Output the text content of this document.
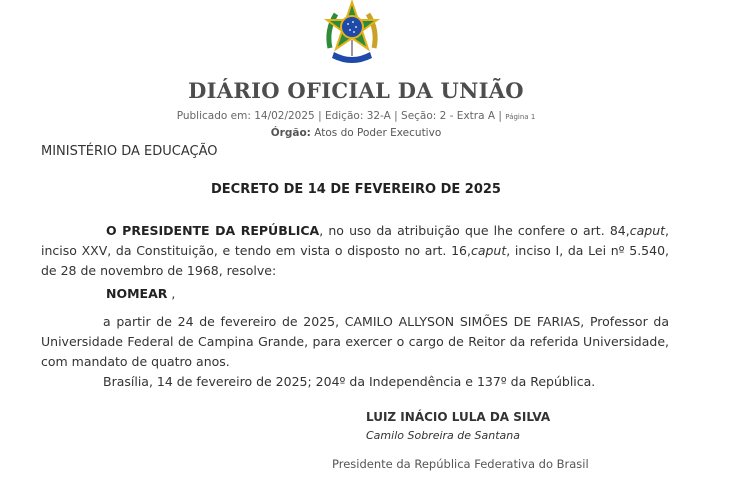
DIÁRIO OFICIAL DA UNIÃO
Publicado em: 14/02/2025 | Edição: 32-A | Seção: 2 - Extra A | Página 1
Órgão: Atos do Poder Executivo
MINISTÉRIO DA EDUCAÇÃO
DECRETO DE 14 DE FEVEREIRO DE 2025
O PRESIDENTE DA REPÚBLICA, no uso da atribuição que lhe confere o art. 84,caput, inciso XXV, da Constituição, e tendo em vista o disposto no art. 16,caput, inciso I, da Lei nº 5.540, de 28 de novembro de 1968, resolve:
NOMEAR ,
a partir de 24 de fevereiro de 2025, CAMILO ALLYSON SIMÕES DE FARIAS, Professor da Universidade Federal de Campina Grande, para exercer o cargo de Reitor da referida Universidade, com mandato de quatro anos.
Brasília, 14 de fevereiro de 2025; 204º da Independência e 137º da República.
LUIZ INÁCIO LULA DA SILVA
Camilo Sobreira de Santana
Presidente da República Federativa do Brasil
